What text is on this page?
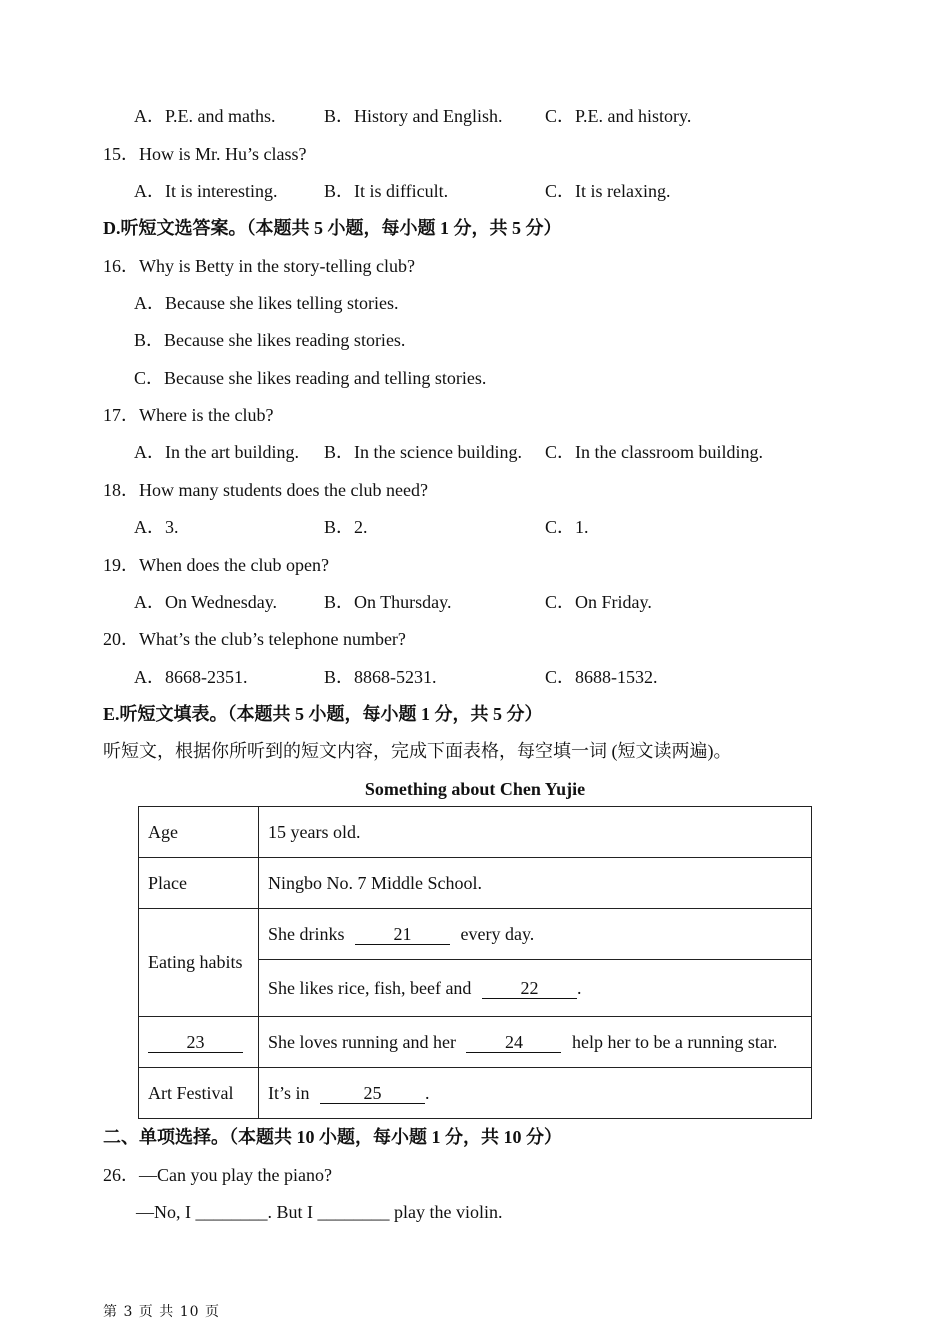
A．P.E. and maths.	B．History and English. C．P.E. and history.
15．How is Mr. Hu’s class?
A．It is interesting.	B．It is difficult.	C．It is relaxing.
D.听短文选答案。（本题共 5 小题，每小题 1 分，共 5 分）
16．Why is Betty in the story-telling club?
A．Because she likes telling stories.
B．Because she likes reading stories.
C．Because she likes reading and telling stories.
17．Where is the club?
A．In the art building. B．In the science building. C．In the classroom building.
18．How many students does the club need?
A．3.	B．2.	C．1.
19．When does the club open?
A．On Wednesday.	B．On Thursday.	C．On Friday.
20．What’s the club’s telephone number?
A．8668-2351.	B．8868-5231.	C．8688-1532.
E.听短文填表。（本题共 5 小题，每小题 1 分，共 5 分）
听短文，根据你所听到的短文内容，完成下面表格，每空填一词 (短文读两遍)。
Something about Chen Yujie
Age	15 years old.
Place	Ningbo No. 7 Middle School.
Eating habits	She drinks 21 every day.
	She likes rice, fish, beef and 22 .
23	She loves running and her 24 help her to be a running star.
Art Festival	It’s in 25 .
二、单项选择。（本题共 10 小题，每小题 1 分，共 10 分）
26．—Can you play the piano?
—No, I ________. But I ________ play the violin.
第 3 页 共 10 页
